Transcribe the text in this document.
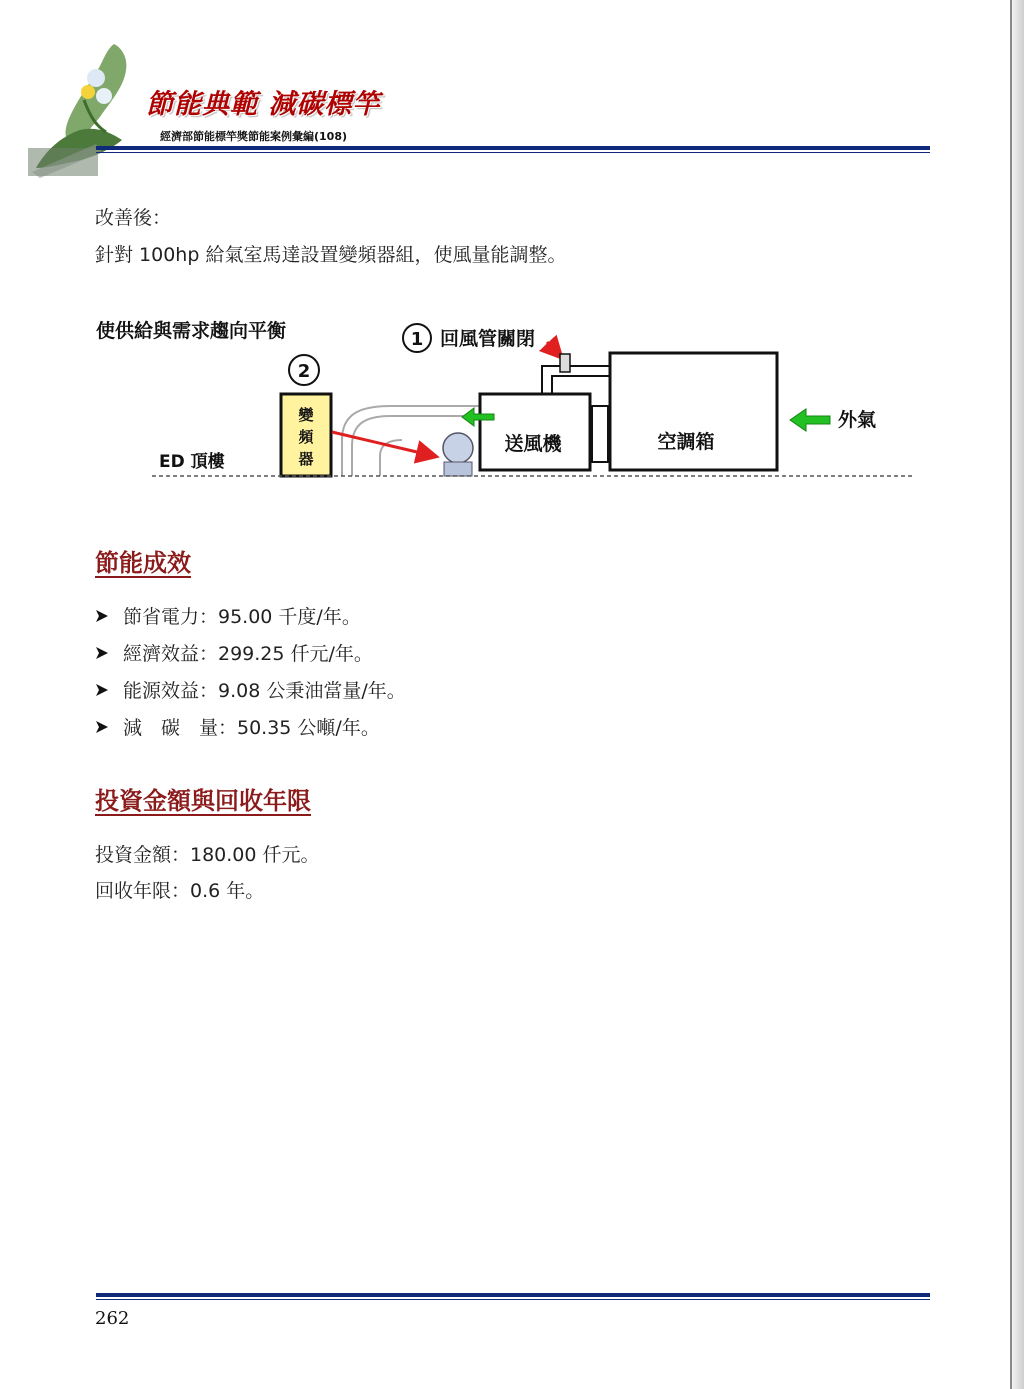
節能典範 減碳標竿
經濟部節能標竿獎節能案例彙編(108)
改善後：
針對 100hp 給氣室馬達設置變頻器組，使風量能調整。
使供給與需求趨向平衡	1 回風管關閉
2
變
頻
器
送風機	空調箱
外氣
ED 頂樓
節能成效
節省電力：95.00 千度/年。
經濟效益：299.25 仟元/年。
能源效益：9.08 公秉油當量/年。
減　碳　量：50.35 公噸/年。
投資金額與回收年限
投資金額：180.00 仟元。
回收年限：0.6 年。
262
